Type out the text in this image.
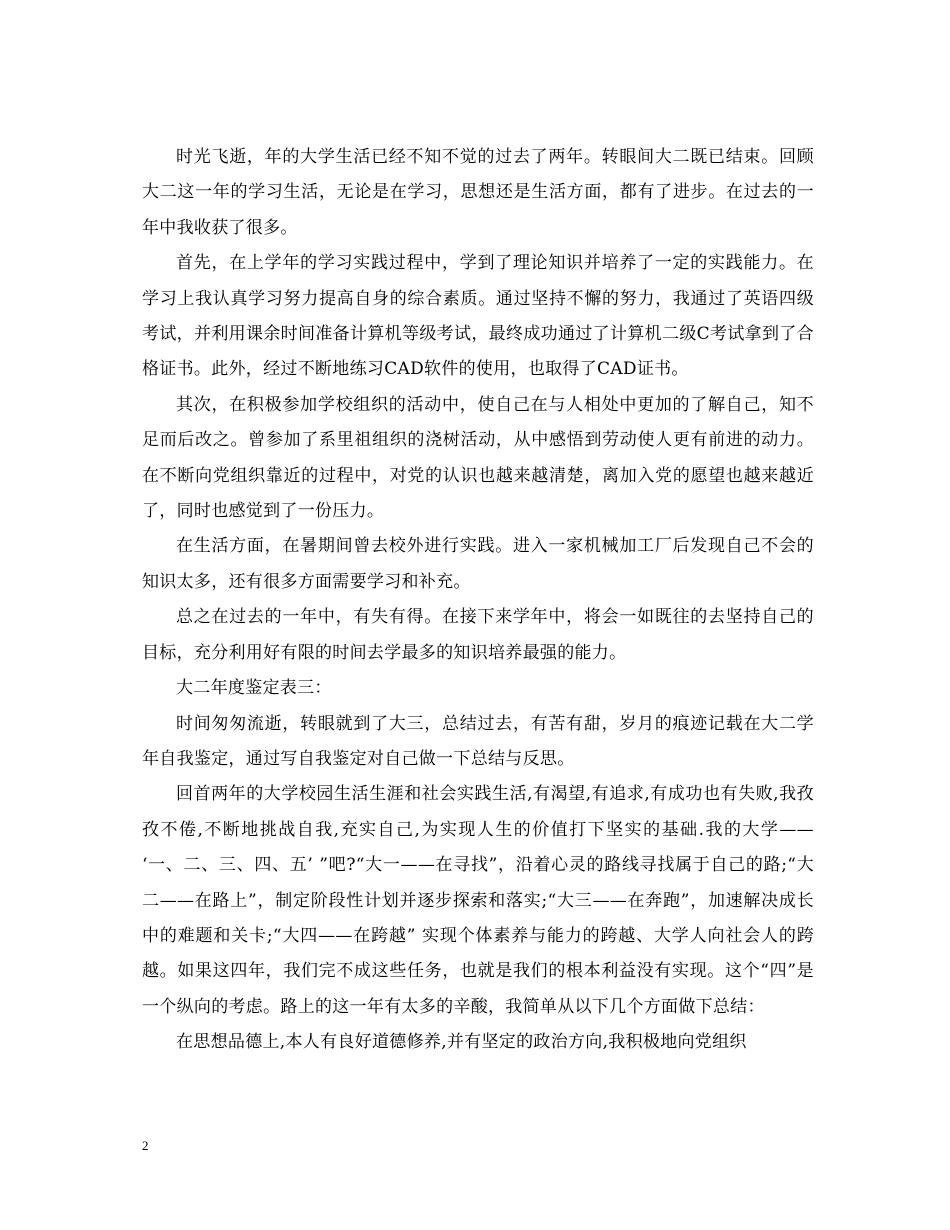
时光飞逝，年的大学生活已经不知不觉的过去了两年。转眼间大二既已结束。回顾大二这一年的学习生活，无论是在学习，思想还是生活方面，都有了进步。在过去的一年中我收获了很多。

首先，在上学年的学习实践过程中，学到了理论知识并培养了一定的实践能力。在学习上我认真学习努力提高自身的综合素质。通过坚持不懈的努力，我通过了英语四级考试，并利用课余时间准备计算机等级考试，最终成功通过了计算机二级C考试拿到了合格证书。此外，经过不断地练习CAD软件的使用，也取得了CAD证书。

其次，在积极参加学校组织的活动中，使自己在与人相处中更加的了解自己，知不足而后改之。曾参加了系里祖组织的浇树活动，从中感悟到劳动使人更有前进的动力。在不断向党组织靠近的过程中，对党的认识也越来越清楚，离加入党的愿望也越来越近了，同时也感觉到了一份压力。

在生活方面，在暑期间曾去校外进行实践。进入一家机械加工厂后发现自己不会的知识太多，还有很多方面需要学习和补充。

总之在过去的一年中，有失有得。在接下来学年中，将会一如既往的去坚持自己的目标，充分利用好有限的时间去学最多的知识培养最强的能力。

大二年度鉴定表三：

时间匆匆流逝，转眼就到了大三，总结过去，有苦有甜，岁月的痕迹记载在大二学年自我鉴定，通过写自我鉴定对自己做一下总结与反思。

回首两年的大学校园生活生涯和社会实践生活,有渴望,有追求,有成功也有失败,我孜孜不倦,不断地挑战自我,充实自己,为实现人生的价值打下坚实的基础.我的大学—— ‘一、二、三、四、五’ ”吧?“大一——在寻找”，沿着心灵的路线寻找属于自己的路;“大二——在路上”，制定阶段性计划并逐步探索和落实;“大三——在奔跑”，加速解决成长中的难题和关卡;“大四——在跨越” 实现个体素养与能力的跨越、大学人向社会人的跨越。如果这四年，我们完不成这些任务，也就是我们的根本利益没有实现。这个“四”是一个纵向的考虑。路上的这一年有太多的辛酸，我简单从以下几个方面做下总结：

在思想品德上,本人有良好道德修养,并有坚定的政治方向,我积极地向党组织

2
